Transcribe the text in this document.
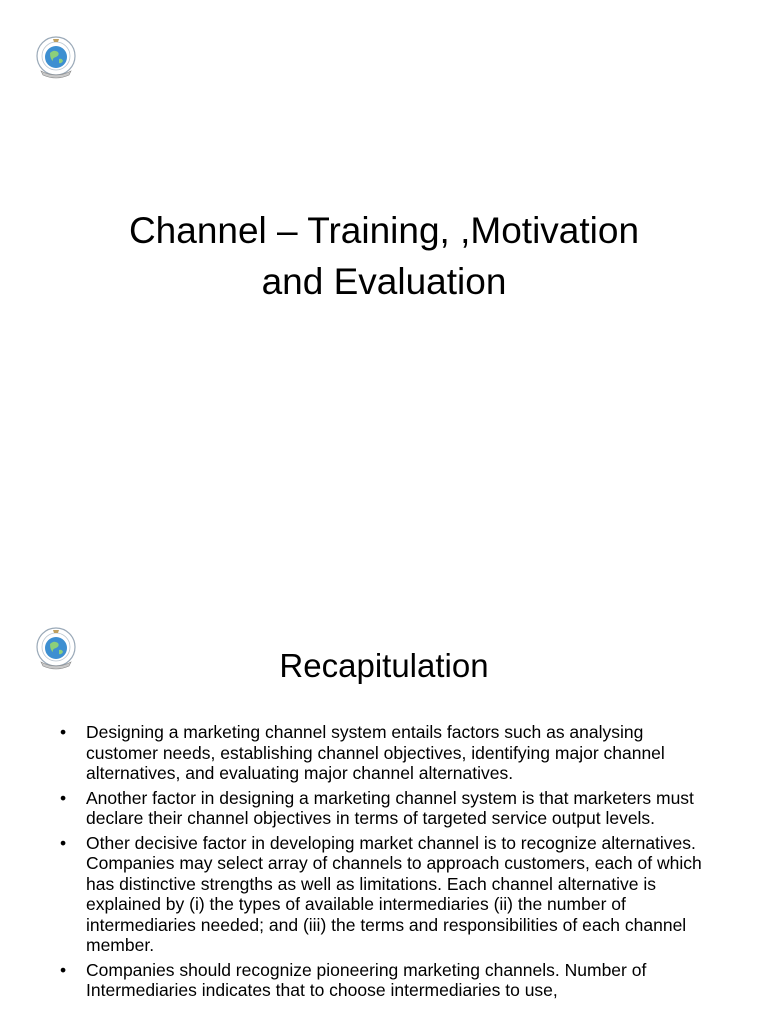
Channel – Training, ,Motivation
and Evaluation
Recapitulation
• Designing a marketing channel system entails factors such as analysing customer needs, establishing channel objectives, identifying major channel alternatives, and evaluating major channel alternatives.
• Another factor in designing a marketing channel system is that marketers must declare their channel objectives in terms of targeted service output levels.
• Other decisive factor in developing market channel is to recognize alternatives. Companies may select array of channels to approach customers, each of which has distinctive strengths as well as limitations. Each channel alternative is explained by (i) the types of available intermediaries (ii) the number of intermediaries needed; and (iii) the terms and responsibilities of each channel member.
• Companies should recognize pioneering marketing channels. Number of Intermediaries indicates that to choose intermediaries to use,
